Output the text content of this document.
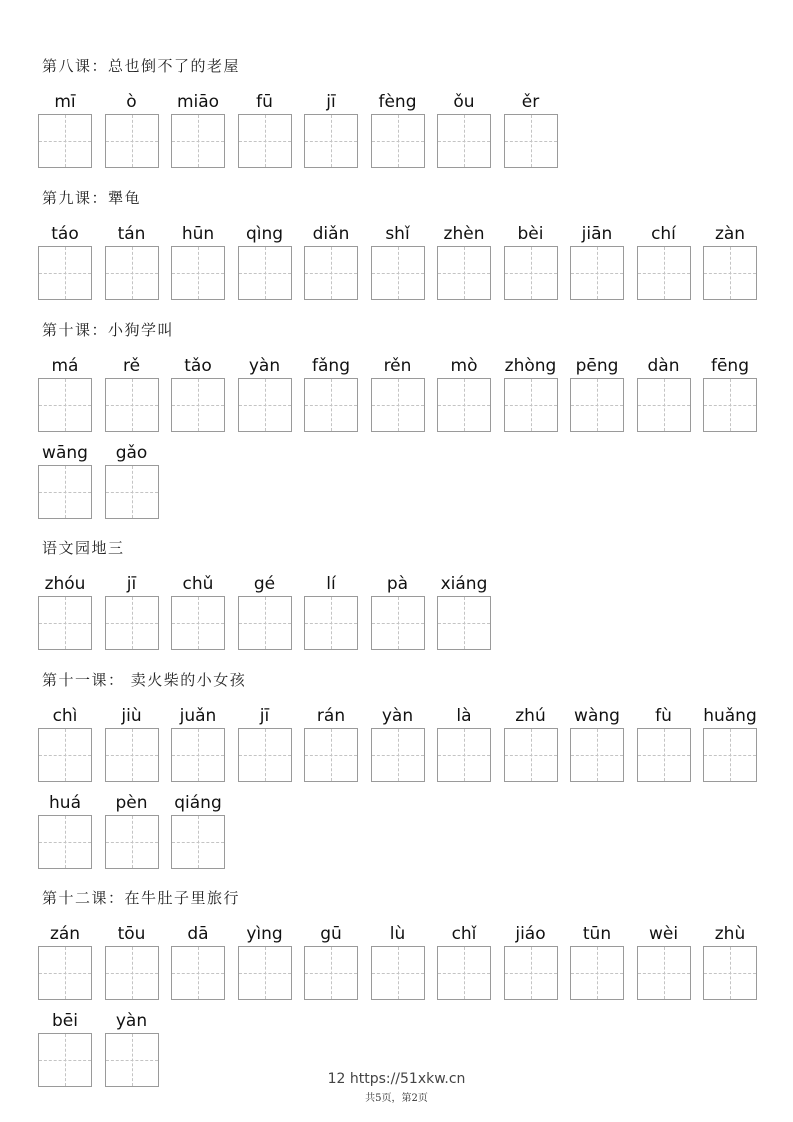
第八课：总也倒不了的老屋
mī	ò	miāo	fū	jī	fèng	ǒu	ěr
第九课：犟龟
táo	tán	hūn	qìng	diǎn	shǐ	zhèn	bèi	jiān	chí	zàn
第十课：小狗学叫
má	rě	tǎo	yàn	fǎng	rěn	mò	zhòng	pēng	dàn	fēng
wāng	gǎo
语文园地三
zhóu	jī	chǔ	gé	lí	pà	xiáng
第十一课： 卖火柴的小女孩
chì	jiù	juǎn	jī	rán	yàn	là	zhú	wàng	fù	huǎng
huá	pèn	qiáng
第十二课：在牛肚子里旅行
zán	tōu	dā	yìng	gū	lù	chǐ	jiáo	tūn	wèi	zhù
bēi	yàn
12 https://51xkw.cn
共5页，第2页
